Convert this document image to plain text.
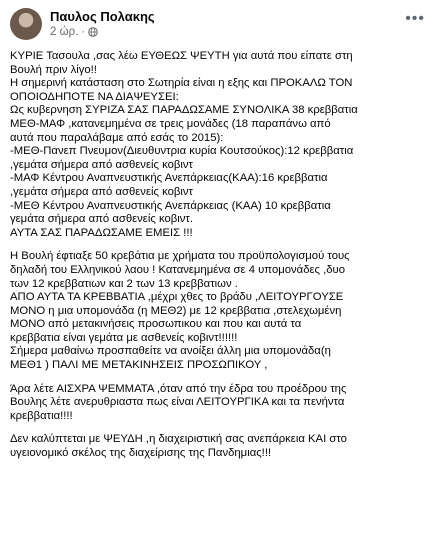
Παυλος Πολακης
2 ώρ. ·
•••

ΚΥΡΙΕ Τασουλα ,σας λέω ΕΥΘΕΩΣ ΨΕΥΤΗ για αυτά που είπατε στη
Βουλή πριν λίγο!!
Η σημερινή κατάσταση στο Σωτηρία είναι η εξης και ΠΡΟΚΑΛΩ ΤΟΝ
ΟΠΟΙΟΔΗΠΟΤΕ ΝΑ ΔΙΑΨΕΥΣΕΙ:
Ως κυβερνηση ΣΥΡΙΖΑ ΣΑΣ ΠΑΡΑΔΩΣΑΜΕ ΣΥΝΟΛΙΚΑ 38 κρεββατια
ΜΕΘ-ΜΑΦ ,κατανεμημένα σε τρεις μονάδες (18 παραπάνω από
αυτά που παραλάβαμε από εσάς το 2015):
-ΜΕΘ-Πανεπ Πνευμον(Διευθυντρια κυρία Κουτσούκος):12 κρεββατια
,γεμάτα σήμερα από ασθενείς κοβιντ
-ΜΑΦ Κέντρου Αναπνευστικής Ανεπάρκειας(ΚΑΑ):16 κρεββατια
,γεμάτα σήμερα από ασθενείς κοβιντ
-ΜΕΘ Κέντρου Αναπνευστικής Ανεπάρκειας (ΚΑΑ) 10 κρεββατια
γεμάτα σήμερα από ασθενείς κοβιντ.
ΑΥΤΑ ΣΑΣ ΠΑΡΑΔΩΣΑΜΕ ΕΜΕΙΣ !!!

Η Βουλή έφτιαξε 50 κρεβάτια με χρήματα του προϋπολογισμού τους
δηλαδή του Ελληνικού λαου ! Κατανεμημένα σε 4 υπομονάδες ,δυο
των 12 κρεββατιων και 2 των 13 κρεββατιων .
ΑΠΟ ΑΥΤΑ ΤΑ ΚΡΕΒΒΑΤΙΑ ,μέχρι χθες το βράδυ ,ΛΕΙΤΟΥΡΓΟΥΣΕ
ΜΟΝΟ η μια υπομονάδα (η ΜΕΘ2) με 12 κρεββατια ,στελεχωμένη
ΜΟΝΟ από μετακινήσεις προσωπικου και που και αυτά τα
κρεββατια είναι γεμάτα με ασθενείς κοβιντ!!!!!!
Σήμερα μαθαίνω προσπαθείτε να ανοίξει άλλη μια υπομονάδα(η
ΜΕΘ1 ) ΠΑΛΙ ΜΕ ΜΕΤΑΚΙΝΗΣΕΙΣ ΠΡΟΣΩΠΙΚΟΥ ,

Άρα λέτε ΑΙΣΧΡΑ ΨΕΜΜΑΤΑ ,όταν από την έδρα του προέδρου της
Βουλης λέτε ανερυθριαστα πως είναι ΛΕΙΤΟΥΡΓΙΚΑ και τα πενήντα
κρεββατια!!!!

Δεν καλύπτεται με ΨΕΥΔΗ ,η διαχειριστική σας ανεπάρκεια ΚΑΙ στο
υγειονομικό σκέλος της διαχείρισης της Πανδημιας!!!
